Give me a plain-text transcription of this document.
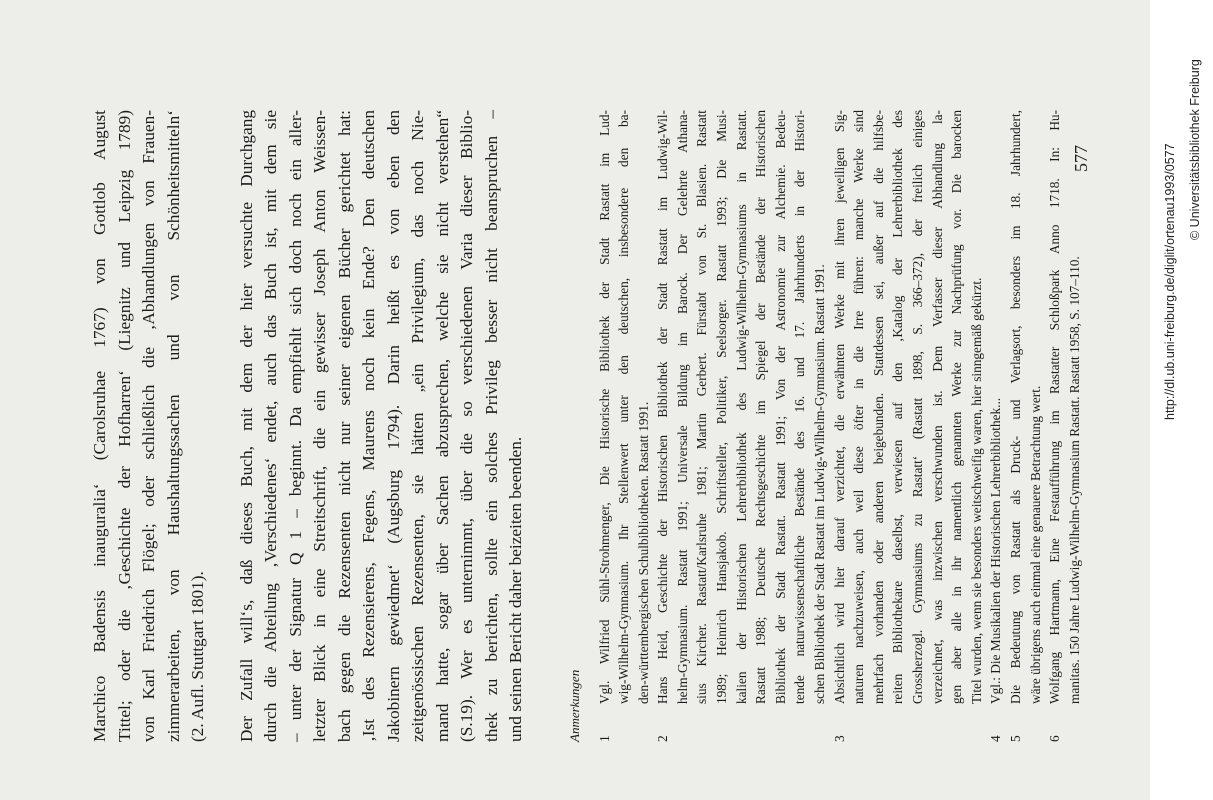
Marchico Badensis inauguralia‘ (Carolsruhae 1767) von Gottlob August Tittel; oder die ‚Geschichte der Hofharren‘ (Liegnitz und Leipzig 1789) von Karl Friedrich Flögel; oder schließlich die ‚Abhandlungen von Frauen- zimmerarbeiten, von Haushaltungssachen und von Schönheitsmitteln‘ (2. Aufl. Stuttgart 1801). Der Zufall will‘s, daß dieses Buch, mit dem der hier versuchte Durchgang durch die Abteilung ‚Verschiedenes‘ endet, auch das Buch ist, mit dem sie – unter der Signatur Q 1 – beginnt. Da empfiehlt sich doch noch ein aller- letzter Blick in eine Streitschrift, die ein gewisser Joseph Anton Weissen- bach gegen die Rezensenten nicht nur seiner eigenen Bücher gerichtet hat: ‚Ist des Rezensierens, Fegens, Maurens noch kein Ende? Den deutschen Jakobinern gewiedmet‘ (Augsburg 1794). Darin heißt es von eben den zeitgenössischen Rezensenten, sie hätten „ein Privilegium, das noch Nie- mand hatte, sogar über Sachen abzusprechen, welche sie nicht verstehen“ (S.19). Wer es unternimmt, über die so verschiedenen Varia dieser Biblio- thek zu berichten, sollte ein solches Privileg besser nicht beanspruchen – und seinen Bericht daher beizeiten beenden.	Anmerkungen 1
Vgl. Wilfried Sühl-Strohmenger, Die Historische Bibliothek der Stadt Rastatt im Lud- wig-Wilhelm-Gymnasium. Ihr Stellenwert unter den deutschen, insbesondere den ba- den-württembergischen Schulbibliotheken. Rastatt 1991.
2
Hans Heid, Geschichte der Historischen Bibliothek der Stadt Rastatt im Ludwig-Wil- helm-Gymnasium. Rastatt 1991; Universale Bildung im Barock. Der Gelehrte Athana- sius Kircher. Rastatt/Karlsruhe 1981; Martin Gerbert. Fürstabt von St. Blasien. Rastatt 1989; Heinrich Hansjakob. Schriftsteller, Politiker, Seelsorger. Rastatt 1993; Die Musi- kalien der Historischen Lehrerbibliothek des Ludwig-Wilhelm-Gymnasiums in Rastatt. Rastatt 1988; Deutsche Rechtsgeschichte im Spiegel der Bestände der Historischen Bibliothek der Stadt Rastatt. Rastatt 1991; Von der Astronomie zur Alchemie. Bedeu- tende naturwissenschaftliche Bestände des 16. und 17. Jahrhunderts in der Histori- schen Bibliothek der Stadt Rastatt im Ludwig-Wilhelm-Gymnasium. Rastatt 1991.
3
Absichtlich wird hier darauf verzichtet, die erwähnten Werke mit ihren jeweiligen Sig- naturen nachzuweisen, auch weil diese öfter in die Irre führen: manche Werke sind mehrfach vorhanden oder anderen beigebunden. Stattdessen sei, außer auf die hilfsbe- reiten Bibliothekare daselbst, verwiesen auf den ‚Katalog der Lehrerbibliothek des Grossherzogl. Gymnasiums zu Rastatt‘ (Rastatt 1898, S. 366–372), der freilich einiges verzeichnet, was inzwischen verschwunden ist. Dem Verfasser dieser Abhandlung la- gen aber alle in ihr namentlich genannten Werke zur Nachprüfung vor. Die barocken Titel wurden, wenn sie besonders weitschweifig waren, hier sinngemäß gekürzt.
4
Vgl.: Die Musikalien der Historischen Lehrerbibliothek...
5
Die Bedeutung von Rastatt als Druck- und Verlagsort, besonders im 18. Jahrhundert, wäre übrigens auch einmal eine genauere Betrachtung wert.
6
Wolfgang Hartmann, Eine Festaufführung im Rastatter Schloßpark Anno 1718. In: Hu- manitas. 150 Jahre Ludwig-Wilhelm-Gymnasium Rastatt. Rastatt 1958, S. 107–110.
577	http://dl.ub.uni-freiburg.de/diglit/ortenau1993/0577 © Universitätsbibliothek Freiburg
